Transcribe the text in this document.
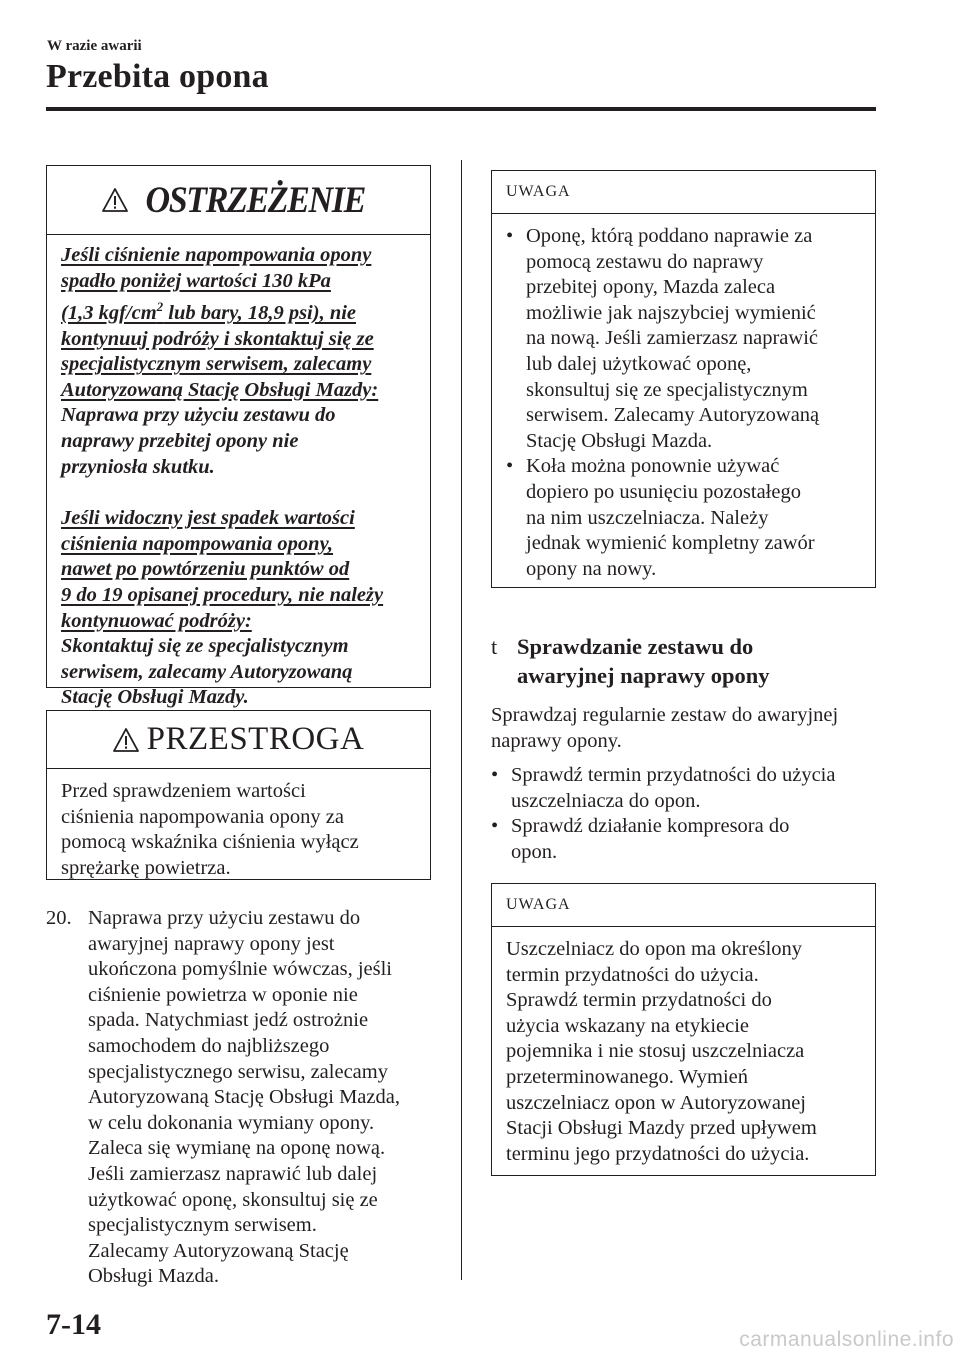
W razie awarii
Przebita opona
OSTRZEŻENIE

Jeśli ciśnienie napompowania opony
spadło poniżej wartości 130 kPa
(1,3 kgf/$cm^2$ lub bary, 18,9 psi), nie
kontynuuj podróży i skontaktuj się ze
specjalistycznym serwisem, zalecamy
Autoryzowaną Stację Obsługi Mazdy:
Naprawa przy użyciu zestawu do
naprawy przebitej opony nie
przyniosła skutku.

Jeśli widoczny jest spadek wartości
ciśnienia napompowania opony,
nawet po powtórzeniu punktów od
9 do 19 opisanej procedury, nie należy
kontynuować podróży:
Skontaktuj się ze specjalistycznym
serwisem, zalecamy Autoryzowaną
Stację Obsługi Mazdy.

PRZESTROGA
Przed sprawdzeniem wartości
ciśnienia napompowania opony za
pomocą wskaźnika ciśnienia wyłącz
sprężarkę powietrza.
20. Naprawa przy użyciu zestawu do
awaryjnej naprawy opony jest
ukończona pomyślnie wówczas, jeśli
ciśnienie powietrza w oponie nie
spada. Natychmiast jedź ostrożnie
samochodem do najbliższego
specjalistycznego serwisu, zalecamy
Autoryzowaną Stację Obsługi Mazda,
w celu dokonania wymiany opony.
Zaleca się wymianę na oponę nową.
Jeśli zamierzasz naprawić lub dalej
użytkować oponę, skonsultuj się ze
specjalistycznym serwisem.
Zalecamy Autoryzowaną Stację
Obsługi Mazda.
UWAGA
• Oponę, którą poddano naprawie za
pomocą zestawu do naprawy
przebitej opony, Mazda zaleca
możliwie jak najszybciej wymienić
na nową. Jeśli zamierzasz naprawić
lub dalej użytkować oponę,
skonsultuj się ze specjalistycznym
serwisem. Zalecamy Autoryzowaną
Stację Obsługi Mazda.
• Koła można ponownie używać
dopiero po usunięciu pozostałego
na nim uszczelniacza. Należy
jednak wymienić kompletny zawór
opony na nowy.
t Sprawdzanie zestawu do
awaryjnej naprawy opony

Sprawdzaj regularnie zestaw do awaryjnej
naprawy opony.

• Sprawdź termin przydatności do użycia
uszczelniacza do opon.
• Sprawdź działanie kompresora do
opon.
UWAGA
Uszczelniacz do opon ma określony
termin przydatności do użycia.
Sprawdź termin przydatności do
użycia wskazany na etykiecie
pojemnika i nie stosuj uszczelniacza
przeterminowanego. Wymień
uszczelniacz opon w Autoryzowanej
Stacji Obsługi Mazdy przed upływem
terminu jego przydatności do użycia.
7-14	carmanualsonline.info
